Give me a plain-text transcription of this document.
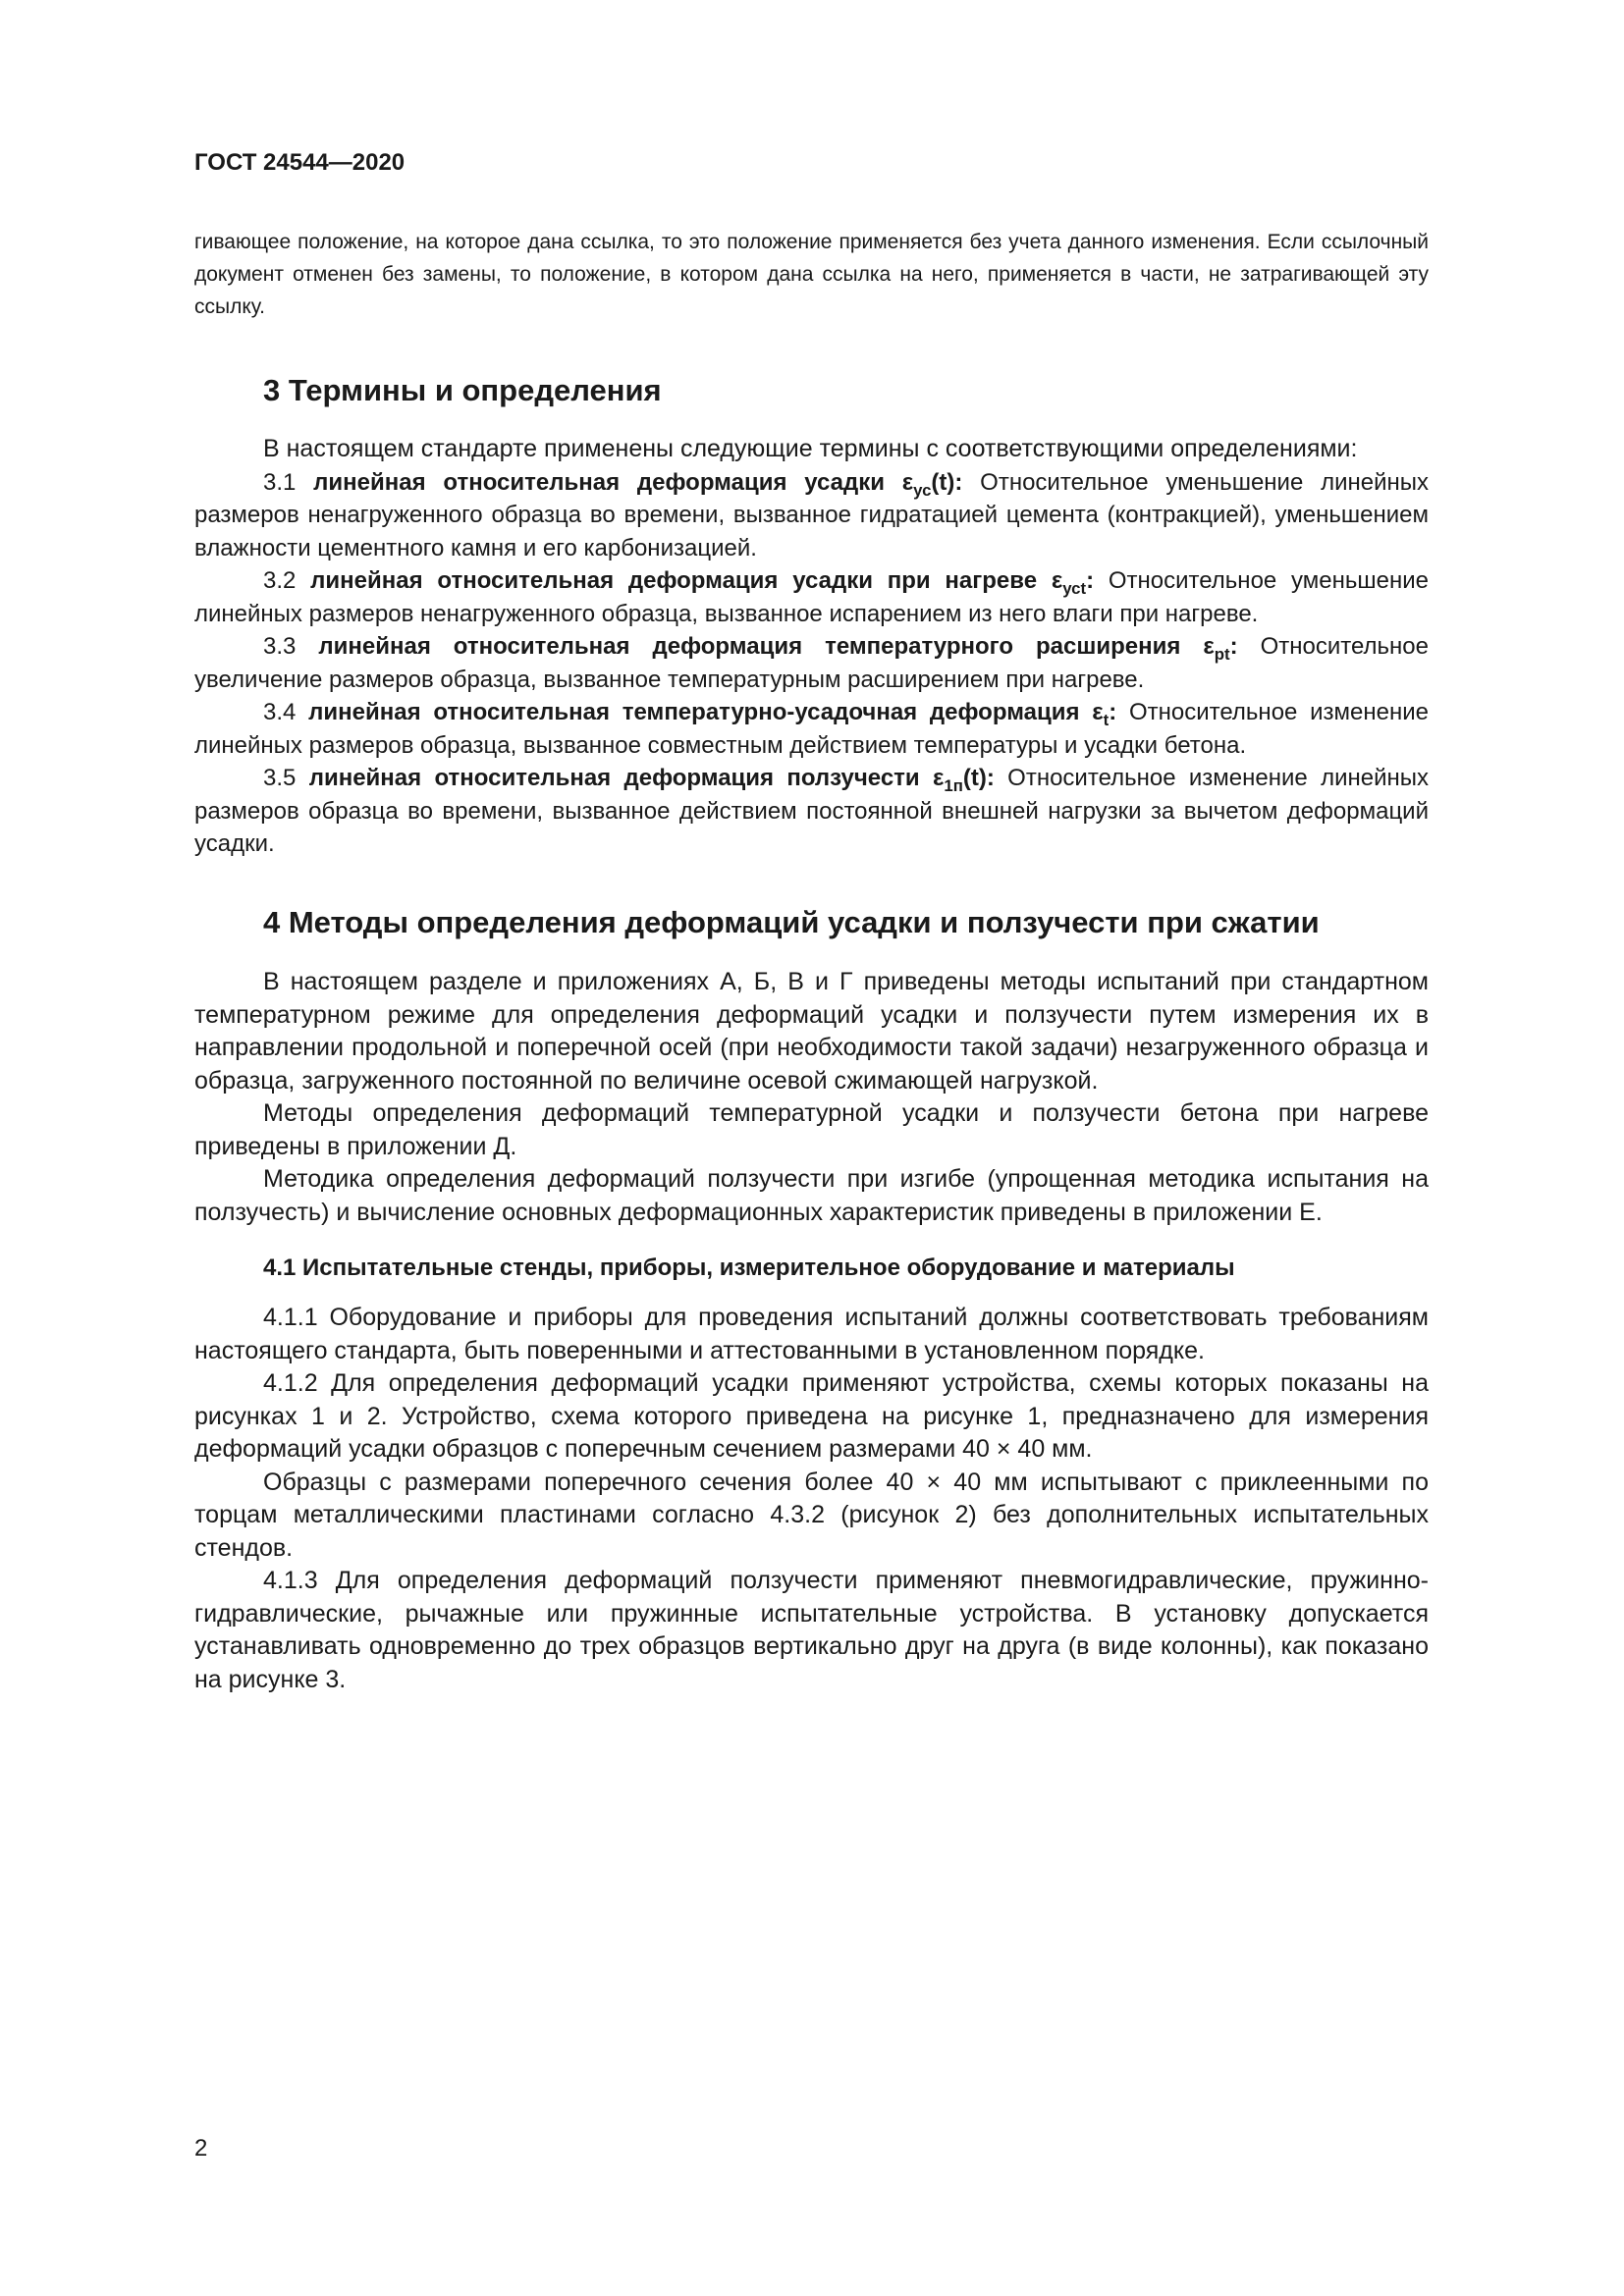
ГОСТ 24544—2020
гивающее положение, на которое дана ссылка, то это положение применяется без учета данного изменения. Если ссылочный документ отменен без замены, то положение, в котором дана ссылка на него, применяется в части, не затрагивающей эту ссылку.
3 Термины и определения

В настоящем стандарте применены следующие термины с соответствующими определениями:

3.1 линейная относительная деформация усадки $\varepsilon_{ус}(t)$: Относительное уменьшение линейных размеров ненагруженного образца во времени, вызванное гидратацией цемента (контракцией), уменьшением влажности цементного камня и его карбонизацией.

3.2 линейная относительная деформация усадки при нагреве $\varepsilon_{усt}$: Относительное уменьшение линейных размеров ненагруженного образца, вызванное испарением из него влаги при нагреве.

3.3 линейная относительная деформация температурного расширения $\varepsilon_{рt}$: Относительное увеличение размеров образца, вызванное температурным расширением при нагреве.

3.4 линейная относительная температурно-усадочная деформация $\varepsilon_t$: Относительное изменение линейных размеров образца, вызванное совместным действием температуры и усадки бетона.

3.5 линейная относительная деформация ползучести $\varepsilon_{1п}(t)$: Относительное изменение линейных размеров образца во времени, вызванное действием постоянной внешней нагрузки за вычетом деформаций усадки.

4 Методы определения деформаций усадки и ползучести при сжатии

В настоящем разделе и приложениях А, Б, В и Г приведены методы испытаний при стандартном температурном режиме для определения деформаций усадки и ползучести путем измерения их в направлении продольной и поперечной осей (при необходимости такой задачи) незагруженного образца и образца, загруженного постоянной по величине осевой сжимающей нагрузкой.

Методы определения деформаций температурной усадки и ползучести бетона при нагреве приведены в приложении Д.

Методика определения деформаций ползучести при изгибе (упрощенная методика испытания на ползучесть) и вычисление основных деформационных характеристик приведены в приложении Е.

4.1 Испытательные стенды, приборы, измерительное оборудование и материалы

4.1.1 Оборудование и приборы для проведения испытаний должны соответствовать требованиям настоящего стандарта, быть поверенными и аттестованными в установленном порядке.

4.1.2 Для определения деформаций усадки применяют устройства, схемы которых показаны на рисунках 1 и 2. Устройство, схема которого приведена на рисунке 1, предназначено для измерения деформаций усадки образцов с поперечным сечением размерами 40 × 40 мм.

Образцы с размерами поперечного сечения более 40 × 40 мм испытывают с приклеенными по торцам металлическими пластинами согласно 4.3.2 (рисунок 2) без дополнительных испытательных стендов.

4.1.3 Для определения деформаций ползучести применяют пневмогидравлические, пружинно-гидравлические, рычажные или пружинные испытательные устройства. В установку допускается устанавливать одновременно до трех образцов вертикально друг на друга (в виде колонны), как показано на рисунке 3.

2
